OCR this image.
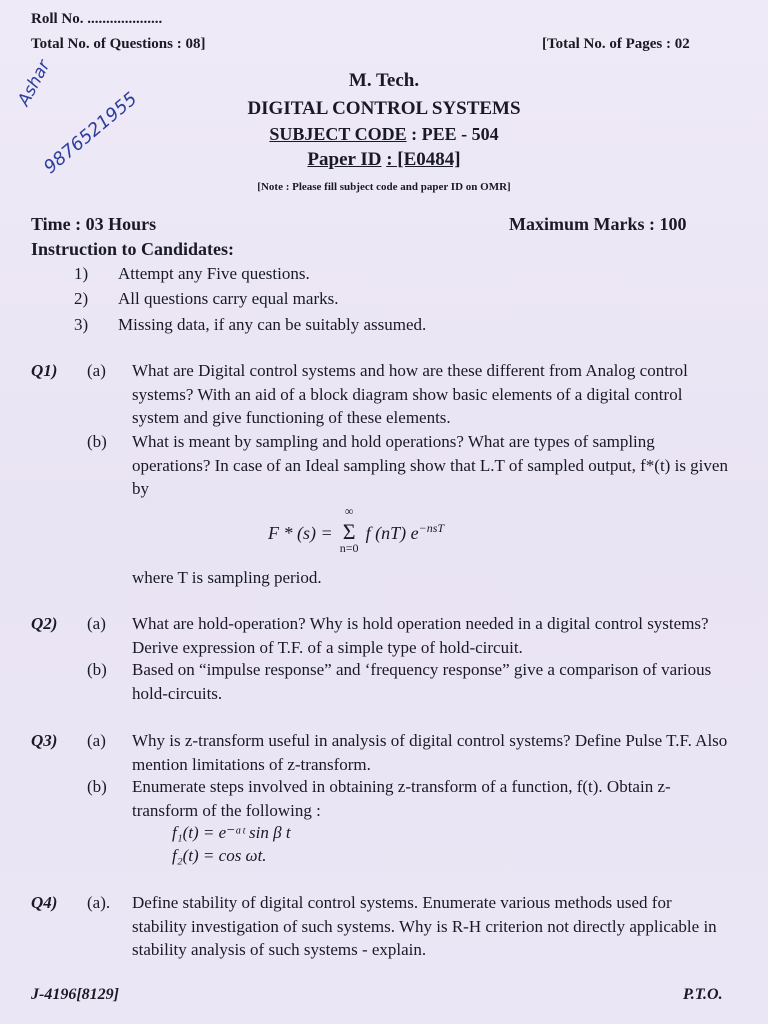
Roll No. ....................
Total No. of Questions : 08]	[Total No. of Pages : 02
M. Tech.
DIGITAL CONTROL SYSTEMS
SUBJECT CODE : PEE - 504
Paper ID : [E0484]
[Note : Please fill subject code and paper ID on OMR]
Ashar
9876521955
Time : 03 Hours	Maximum Marks : 100
Instruction to Candidates:
1) Attempt any Five questions.
2) All questions carry equal marks.
3) Missing data, if any can be suitably assumed.
Q1) (a) What are Digital control systems and how are these different from Analog control systems? With an aid of a block diagram show basic elements of a digital control system and give functioning of these elements.
(b) What is meant by sampling and hold operations? What are types of sampling operations? In case of an Ideal sampling show that L.T of sampled output, f*(t) is given by
F * (s) =
∞
Σ
n=0
f (nT) $e^{-nsT}$
where T is sampling period.
Q2) (a) What are hold-operation? Why is hold operation needed in a digital control systems? Derive expression of T.F. of a simple type of hold-circuit.
(b) Based on “impulse response” and ‘frequency response” give a comparison of various hold-circuits.
Q3) (a) Why is z-transform useful in analysis of digital control systems? Define Pulse T.F. Also mention limitations of z-transform.
(b) Enumerate steps involved in obtaining z-transform of a function, f(t). Obtain z-transform of the following :
f₁(t) = e⁻ᵅᵗ sin β t
f₂(t) = cos ωt.
Q4) (a). Define stability of digital control systems. Enumerate various methods used for stability investigation of such systems. Why is R-H criterion not directly applicable in stability analysis of such systems - explain.
J-4196[8129]	P.T.O.
